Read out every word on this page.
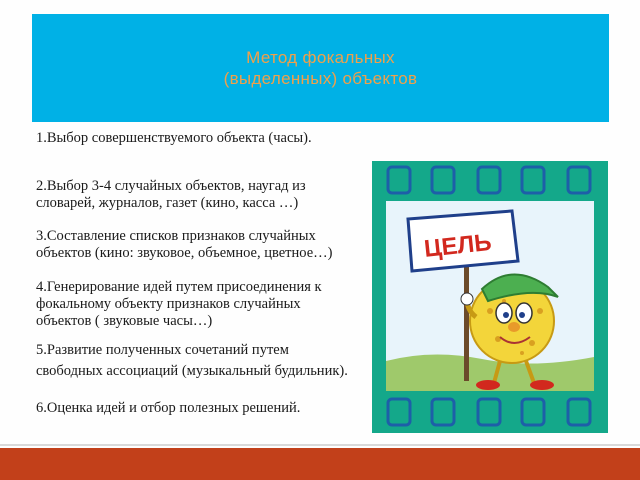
Метод фокальных
(выделенных) объектов
1.Выбор совершенствуемого объекта (часы).
2.Выбор 3-4 случайных объектов, наугад из словарей, журналов, газет (кино, касса …)
3.Составление списков признаков случайных объектов (кино: звуковое, объемное, цветное…)
4.Генерирование идей путем присоединения к фокальному объекту признаков случайных объектов ( звуковые часы…)
5.Развитие полученных сочетаний путем свободных ассоциаций (музыкальный будильник).
6.Оценка идей и отбор полезных решений.
ЦЕЛЬ
